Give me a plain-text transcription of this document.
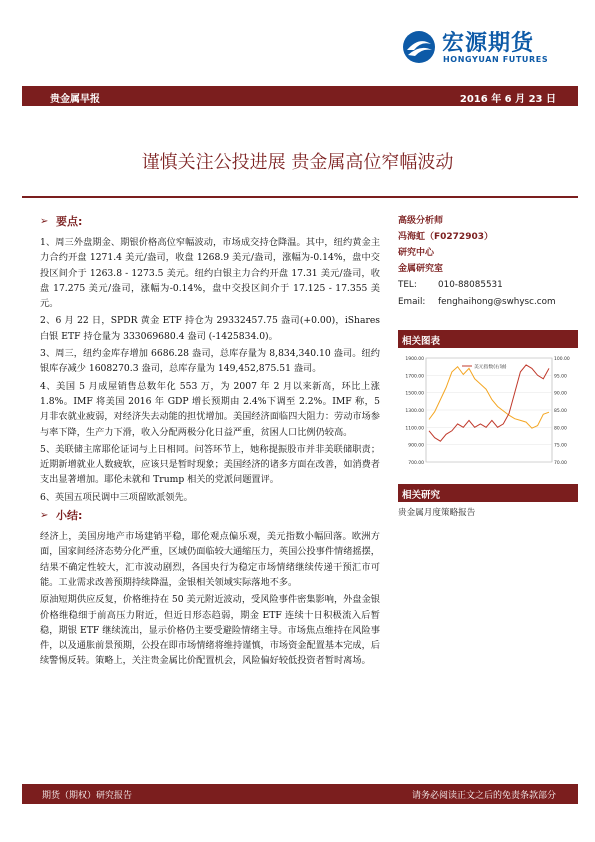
宏源期货
HONGYUAN FUTURES
贵金属早报	2016 年 6 月 23 日
谨慎关注公投进展 贵金属高位窄幅波动
➢ 要点:

1、周三外盘期金、期银价格高位窄幅波动，市场成交持仓降温。其中，纽约黄金主力合约开盘 1271.4 美元/盎司，收盘 1268.9 美元/盎司，涨幅为-0.14%，盘中交投区间介于 1263.8 - 1273.5 美元。纽约白银主力合约开盘 17.31 美元/盎司，收盘 17.275 美元/盎司，涨幅为-0.14%，盘中交投区间介于 17.125 - 17.355 美元。

2、6 月 22 日，SPDR 黄金 ETF 持仓为 29332457.75 盎司(+0.00)，iShares 白银 ETF 持仓量为 333069680.4 盎司 (-1425834.0)。

3、周三，纽约金库存增加 6686.28 盎司，总库存量为 8,834,340.10 盎司。纽约银库存减少 1608270.3 盎司，总库存量为 149,452,875.51 盎司。

4、美国 5 月成屋销售总数年化 553 万，为 2007 年 2 月以来新高，环比上涨 1.8%。IMF 将美国 2016 年 GDP 增长预期由 2.4%下调至 2.2%。IMF 称，5 月非农就业疲弱，对经济失去动能的担忧增加。美国经济面临四大阻力：劳动市场参与率下降，生产力下滑，收入分配两极分化日益严重，贫困人口比例仍较高。

5、美联储主席耶伦证词与上日相同。问答环节上，她称提振股市并非美联储职责；近期新增就业人数疲软，应该只是暂时现象；美国经济的诸多方面在改善，如消费者支出显著增加。耶伦未就和 Trump 相关的党派问题置评。

6、英国五项民调中三项留欧派领先。

➢ 小结:

经济上，美国房地产市场建销平稳，耶伦观点偏乐观，美元指数小幅回落。欧洲方面，国家间经济态势分化严重，区域仍面临较大通缩压力，英国公投事件情绪摇摆，结果不确定性较大，汇市波动剧烈，各国央行为稳定市场情绪继续传递干预汇市可能。工业需求改善预期持续降温，金银相关领域实际落地不多。

原油短期供应反复，价格维持在 50 美元附近波动，受风险事件密集影响，外盘金银价格维稳细于前高压力附近，但近日形态趋弱，期金 ETF 连续十日积极流入后暂稳，期银 ETF 继续流出，显示价格仍主要受避险情绪主导。市场焦点维持在风险事件，以及通胀前景预期，公投在即市场情绪将维持谨慎，市场资金配置基本完成，后续警惕反转。策略上，关注贵金属比价配置机会，风险偏好较低投资者暂时离场。

高级分析师
冯海虹（F0272903）
研究中心
金属研究室
TEL:	010-88085531
Email:	fenghaihong@swhysc.com
相关图表
1900.00
1700.00
1500.00
1300.00
1100.00
900.00
700.00
100.00
95.00
90.00
85.00
80.00
75.00
70.00
美元指数(右轴)
相关研究
贵金属月度策略报告
期货（期权）研究报告	请务必阅读正文之后的免责条款部分
